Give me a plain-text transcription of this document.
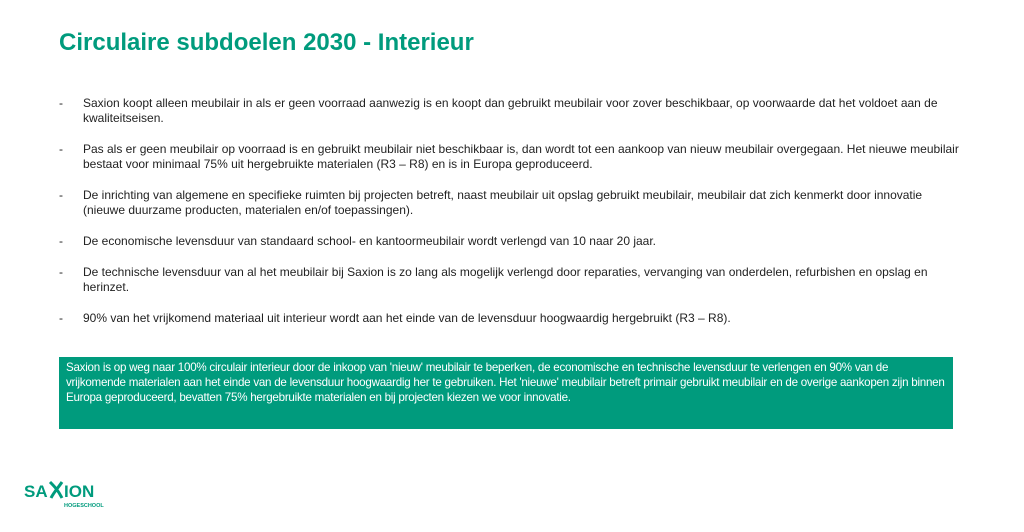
Circulaire subdoelen 2030 - Interieur
-	Saxion koopt alleen meubilair in als er geen voorraad aanwezig is en koopt dan gebruikt meubilair voor zover beschikbaar, op voorwaarde dat het voldoet aan de kwaliteitseisen.
-	Pas als er geen meubilair op voorraad is en gebruikt meubilair niet beschikbaar is, dan wordt tot een aankoop van nieuw meubilair overgegaan. Het nieuwe meubilair bestaat voor minimaal 75% uit hergebruikte materialen (R3 – R8) en is in Europa geproduceerd.
-	De inrichting van algemene en specifieke ruimten bij projecten betreft, naast meubilair uit opslag gebruikt meubilair, meubilair dat zich kenmerkt door innovatie (nieuwe duurzame producten, materialen en/of toepassingen).
-	De economische levensduur van standaard school- en kantoormeubilair wordt verlengd van 10 naar 20 jaar.
-	De technische levensduur van al het meubilair bij Saxion is zo lang als mogelijk verlengd door reparaties, vervanging van onderdelen, refurbishen en opslag en herinzet.
-	90% van het vrijkomend materiaal uit interieur wordt aan het einde van de levensduur hoogwaardig hergebruikt (R3 – R8).
Saxion is op weg naar 100% circulair interieur door de inkoop van 'nieuw' meubilair te beperken, de economische en technische levensduur te verlengen en 90% van de vrijkomende materialen aan het einde van de levensduur hoogwaardig her te gebruiken. Het 'nieuwe' meubilair betreft primair gebruikt meubilair en de overige aankopen zijn binnen Europa geproduceerd, bevatten 75% hergebruikte materialen en bij projecten kiezen we voor innovatie.
SA ION
HOGESCHOOL
